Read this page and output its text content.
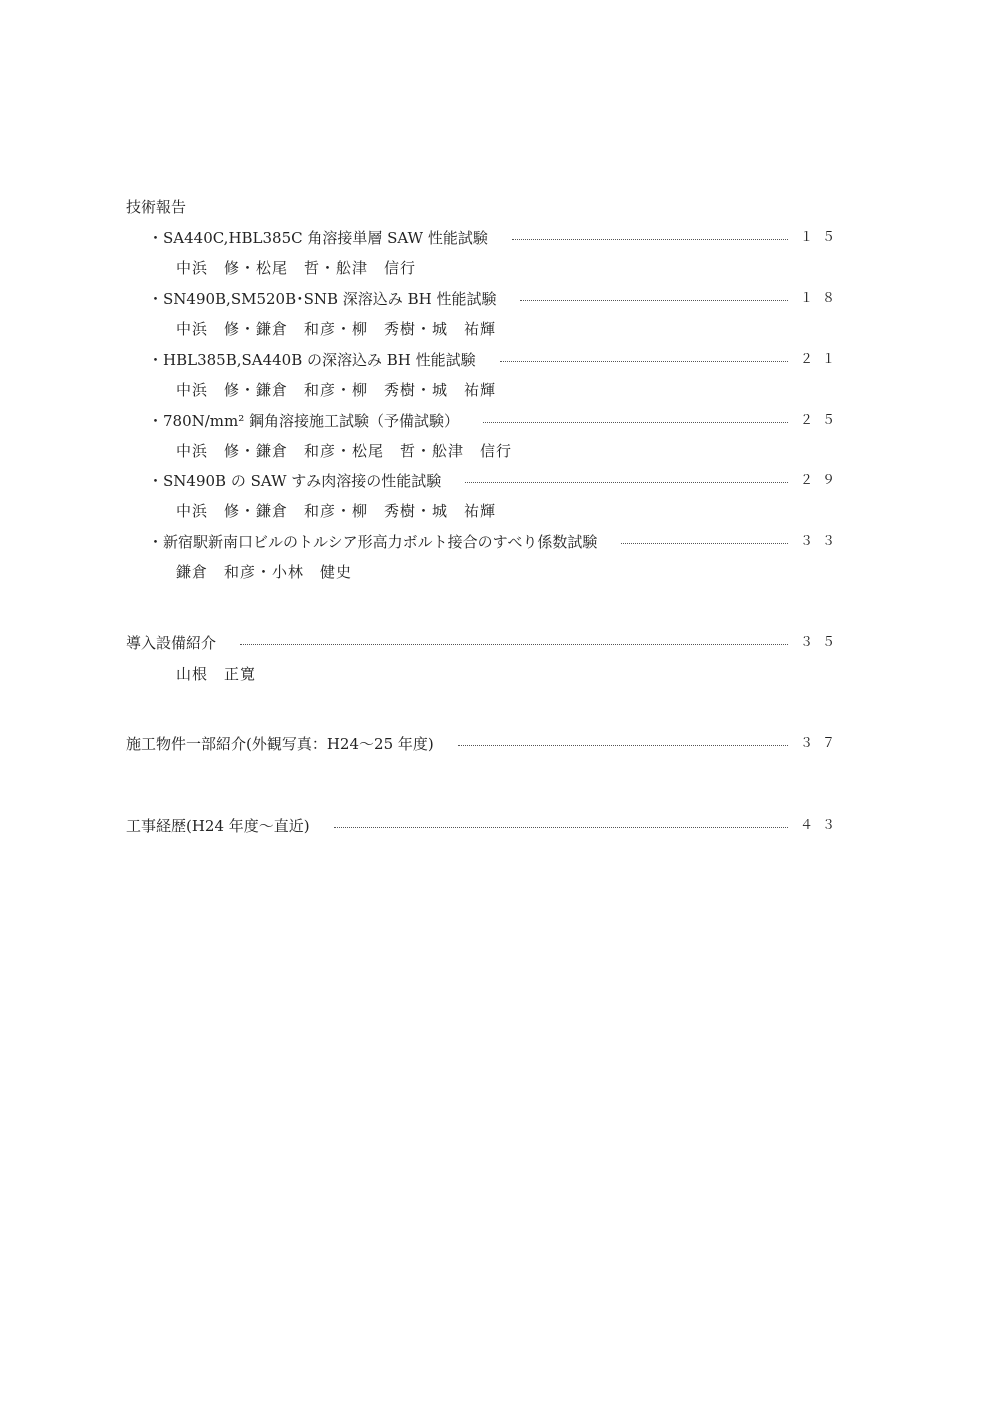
技術報告
・SA440C,HBL385C 角溶接単層 SAW 性能試験	１５
中浜　修・松尾　哲・舩津　信行
・SN490B,SM520B･SNB 深溶込み BH 性能試験	１８
中浜　修・鎌倉　和彦・柳　秀樹・城　祐輝
・HBL385B,SA440B の深溶込み BH 性能試験	２１
中浜　修・鎌倉　和彦・柳　秀樹・城　祐輝
・780N/mm² 鋼角溶接施工試験（予備試験）	２５
中浜　修・鎌倉　和彦・松尾　哲・舩津　信行
・SN490B の SAW すみ肉溶接の性能試験	２９
中浜　修・鎌倉　和彦・柳　秀樹・城　祐輝
・新宿駅新南口ビルのトルシア形高力ボルト接合のすべり係数試験	３３
鎌倉　和彦・小林　健史
導入設備紹介	３５
山根　正寛
施工物件一部紹介(外観写真：H24～25 年度)	３７
工事経歴(H24 年度～直近)	４３
